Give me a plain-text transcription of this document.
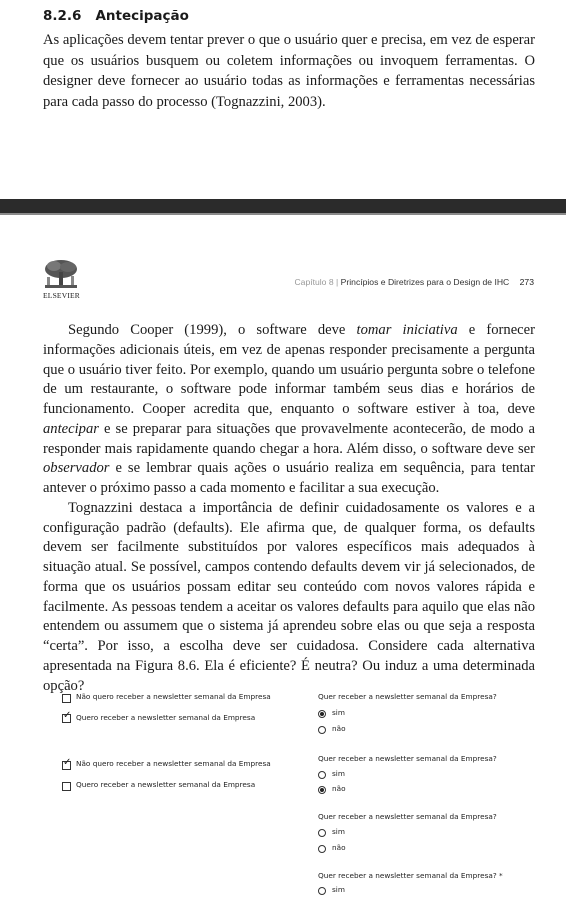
8.2.6 Antecipação

As aplicações devem tentar prever o que o usuário quer e precisa, em vez de esperar que os usuários busquem ou coletem informações ou invoquem ferramentas. O designer deve fornecer ao usuário todas as informações e ferramentas necessárias para cada passo do processo (Tognazzini, 2003).

ELSEVIER
Capítulo 8 | Princípios e Diretrizes para o Design de IHC 273

Segundo Cooper (1999), o software deve tomar iniciativa e fornecer informações adicionais úteis, em vez de apenas responder precisamente a pergunta que o usuário tiver feito. Por exemplo, quando um usuário pergunta sobre o telefone de um restaurante, o software pode informar também seus dias e horários de funcionamento. Cooper acredita que, enquanto o software estiver à toa, deve antecipar e se preparar para situações que provavelmente acontecerão, de modo a responder mais rapidamente quando chegar a hora. Além disso, o software deve ser observador e se lembrar quais ações o usuário realiza em sequência, para tentar antever o próximo passo a cada momento e facilitar a sua execução.

Tognazzini destaca a importância de definir cuidadosamente os valores e a configuração padrão (defaults). Ele afirma que, de qualquer forma, os defaults devem ser facilmente substituídos por valores específicos mais adequados à situação atual. Se possível, campos contendo defaults devem vir já selecionados, de forma que os usuários possam editar seu conteúdo com novos valores rápida e facilmente. As pessoas tendem a aceitar os valores defaults para aquilo que elas não entendem ou assumem que o sistema já aprendeu sobre elas ou que seja a resposta “certa”. Por isso, a escolha deve ser cuidadosa. Considere cada alternativa apresentada na Figura 8.6. Ela é eficiente? É neutra? Ou induz a uma determinada opção?

Não quero receber a newsletter semanal da Empresa
✓
Quero receber a newsletter semanal da Empresa
✓
Não quero receber a newsletter semanal da Empresa
Quero receber a newsletter semanal da Empresa
Quer receber a newsletter semanal da Empresa?
sim
não
Quer receber a newsletter semanal da Empresa?
sim
não
Quer receber a newsletter semanal da Empresa?
sim
não
Quer receber a newsletter semanal da Empresa? *
sim
